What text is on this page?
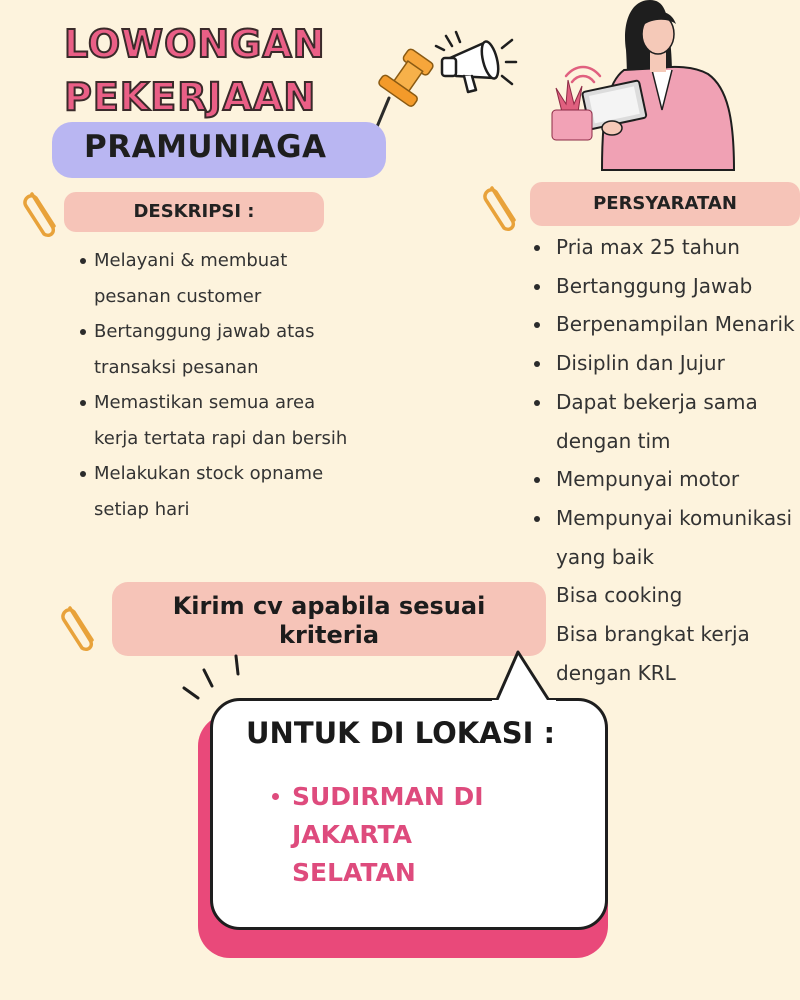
LOWONGAN
PEKERJAAN
PRAMUNIAGA
DESKRIPSI :	PERSYARATAN
Melayani & membuat
pesanan customer
Bertanggung jawab atas
transaksi pesanan
Memastikan semua area
kerja tertata rapi dan bersih
Melakukan stock opname
setiap hari
Pria max 25 tahun
Bertanggung Jawab
Berpenampilan Menarik
Disiplin dan Jujur
Dapat bekerja sama
dengan tim
Mempunyai motor
Mempunyai komunikasi
yang baik
Bisa cooking
Bisa brangkat kerja
dengan KRL
Kirim cv apabila sesuai
kriteria
UNTUK DI LOKASI :
SUDIRMAN DI
JAKARTA
SELATAN
